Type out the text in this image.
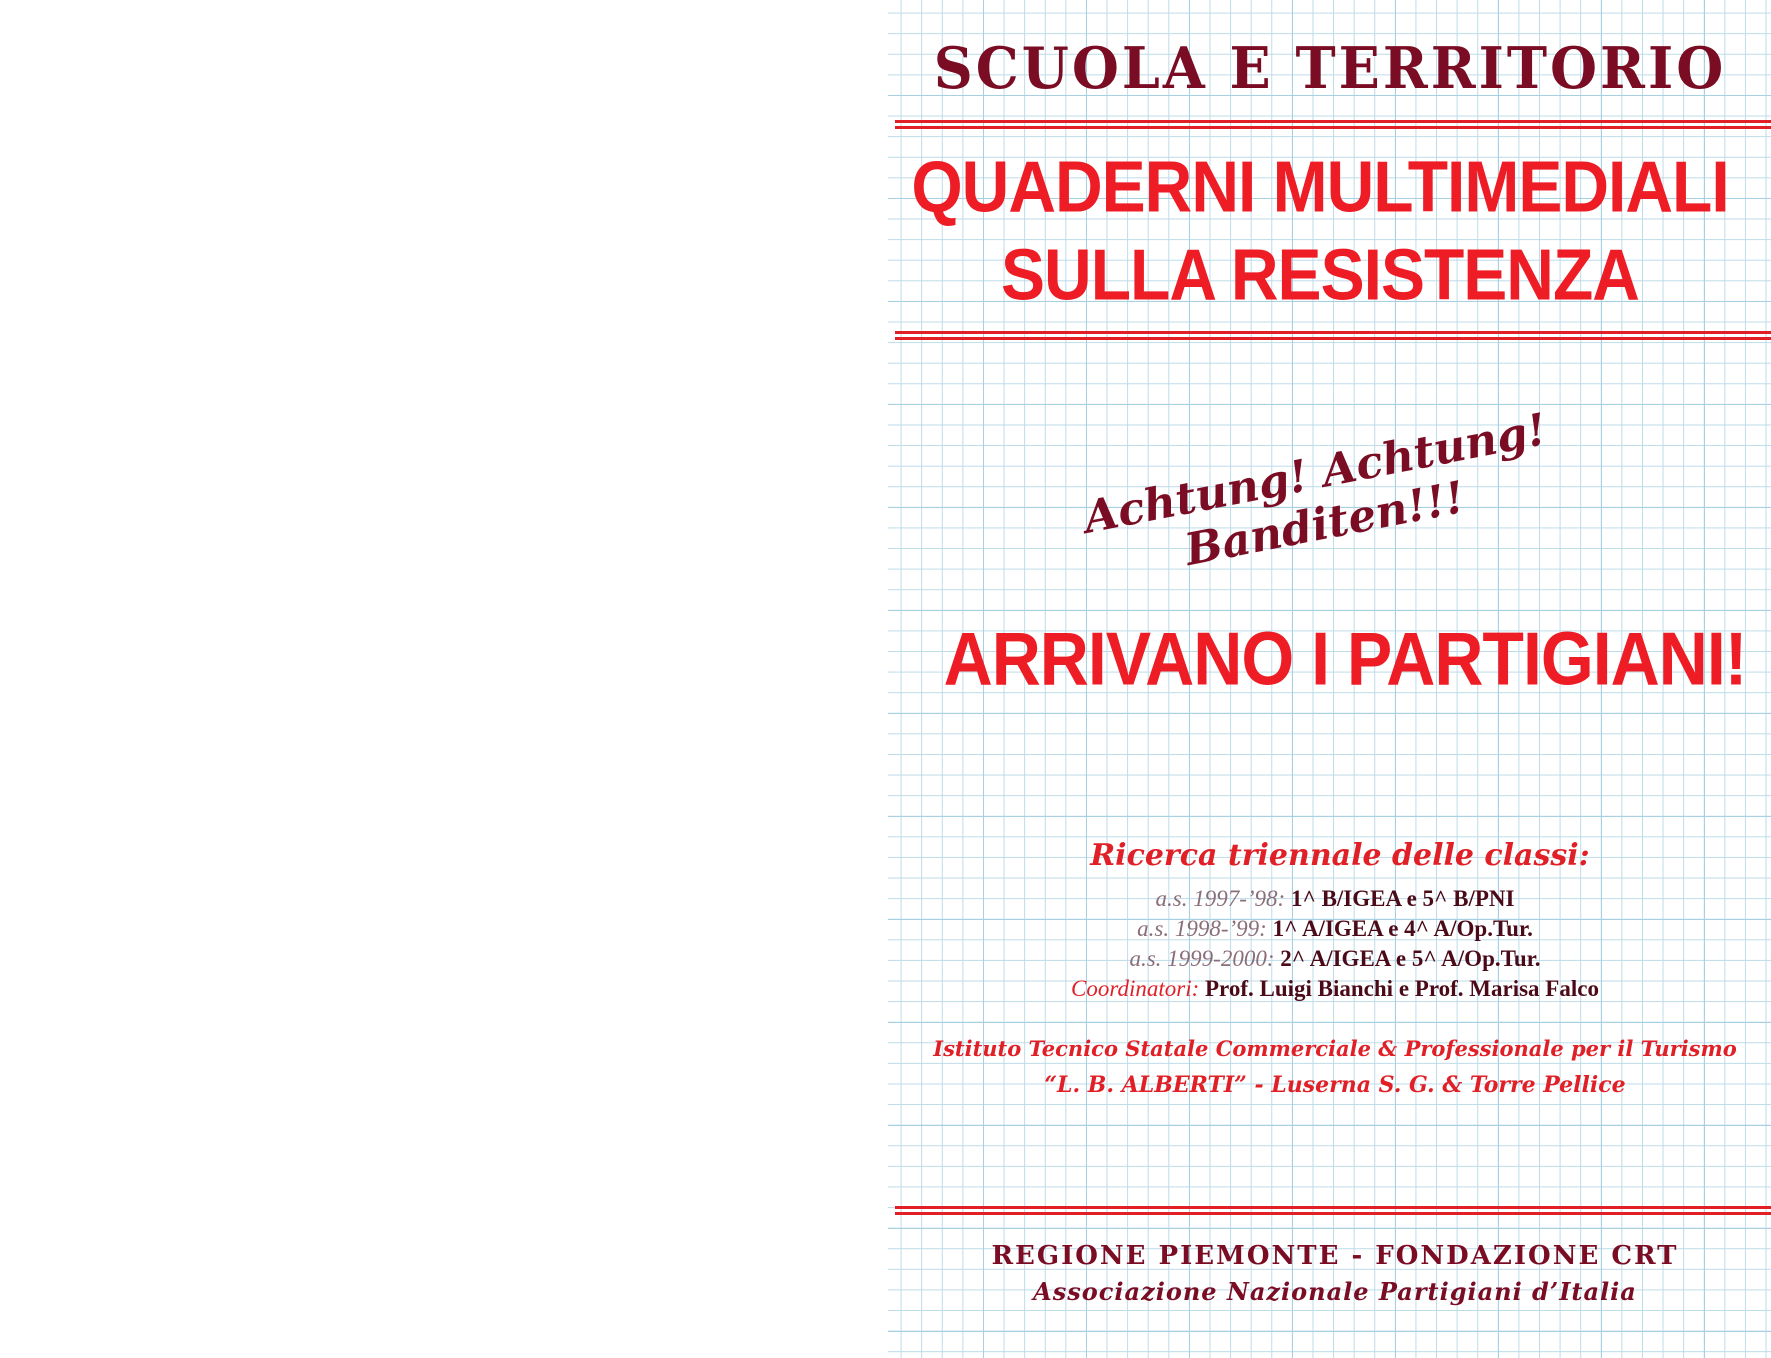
SCUOLA E TERRITORIO
QUADERNI MULTIMEDIALI
SULLA RESISTENZA

Achtung! Achtung! Banditen!!!

ARRIVANO I PARTIGIANI!

Ricerca triennale delle classi:

a.s. 1997-’98: 1^ B/IGEA e 5^ B/PNI

a.s. 1998-’99: 1^ A/IGEA e 4^ A/Op.Tur.

a.s. 1999-2000: 2^ A/IGEA e 5^ A/Op.Tur.

Coordinatori: Prof. Luigi Bianchi e Prof. Marisa Falco

Istituto Tecnico Statale Commerciale & Professionale per il Turismo

“L. B. ALBERTI” - Luserna S. G. & Torre Pellice

REGIONE PIEMONTE - FONDAZIONE CRT

Associazione Nazionale Partigiani d’Italia
